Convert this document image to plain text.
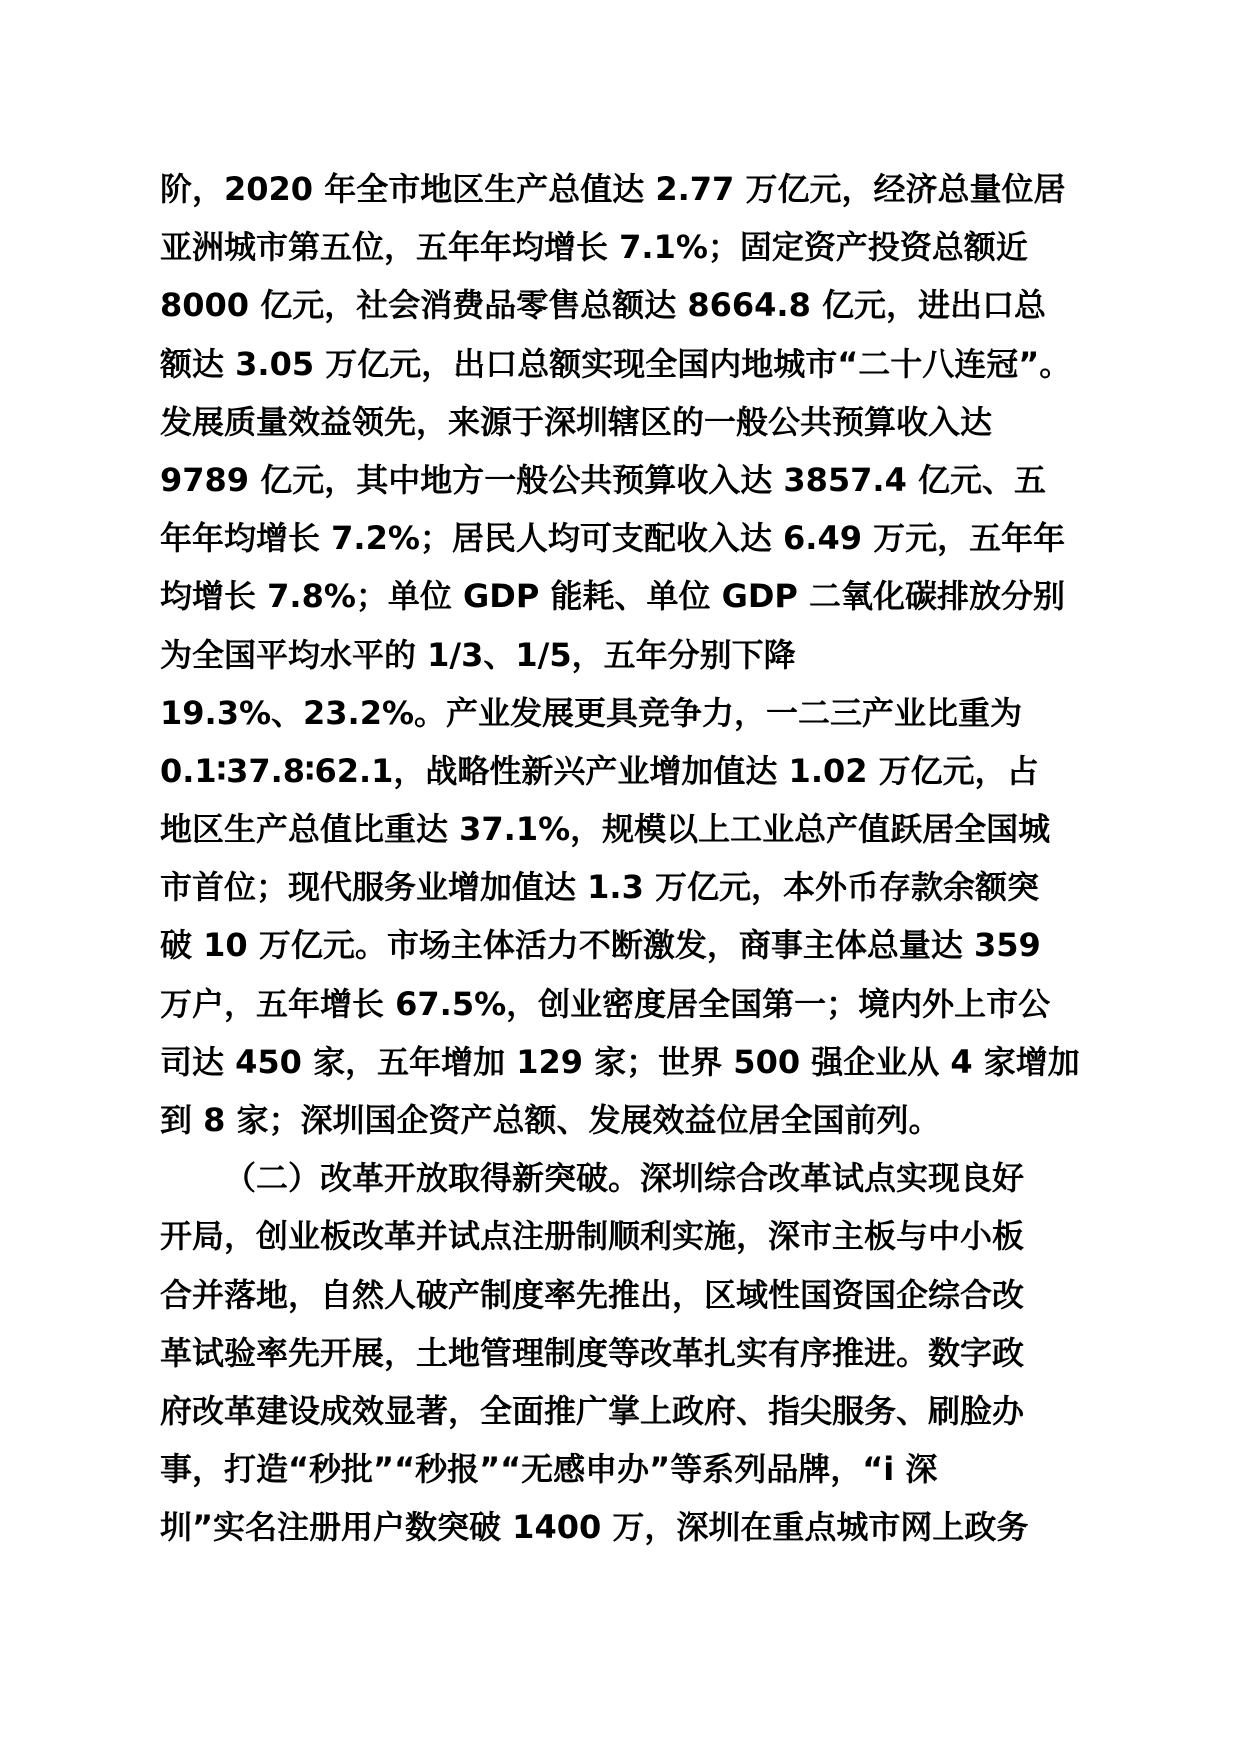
阶，2020 年全市地区生产总值达 2.77 万亿元，经济总量位居
亚洲城市第五位，五年年均增长 7.1%；固定资产投资总额近
8000 亿元，社会消费品零售总额达 8664.8 亿元，进出口总
额达 3.05 万亿元，出口总额实现全国内地城市“二十八连冠”。
发展质量效益领先，来源于深圳辖区的一般公共预算收入达
9789 亿元，其中地方一般公共预算收入达 3857.4 亿元、五
年年均增长 7.2%；居民人均可支配收入达 6.49 万元，五年年
均增长 7.8%；单位 GDP 能耗、单位 GDP 二氧化碳排放分别
为全国平均水平的 1/3、1/5，五年分别下降
19.3%、23.2%。产业发展更具竞争力，一二三产业比重为
0.1∶37.8∶62.1，战略性新兴产业增加值达 1.02 万亿元，占
地区生产总值比重达 37.1%，规模以上工业总产值跃居全国城
市首位；现代服务业增加值达 1.3 万亿元，本外币存款余额突
破 10 万亿元。市场主体活力不断激发，商事主体总量达 359
万户，五年增长 67.5%，创业密度居全国第一；境内外上市公
司达 450 家，五年增加 129 家；世界 500 强企业从 4 家增加
到 8 家；深圳国企资产总额、发展效益位居全国前列。
（二）改革开放取得新突破。深圳综合改革试点实现良好
开局，创业板改革并试点注册制顺利实施，深市主板与中小板
合并落地，自然人破产制度率先推出，区域性国资国企综合改
革试验率先开展，土地管理制度等改革扎实有序推进。数字政
府改革建设成效显著，全面推广掌上政府、指尖服务、刷脸办
事，打造“秒批”“秒报”“无感申办”等系列品牌，“i 深
圳”实名注册用户数突破 1400 万，深圳在重点城市网上政务
